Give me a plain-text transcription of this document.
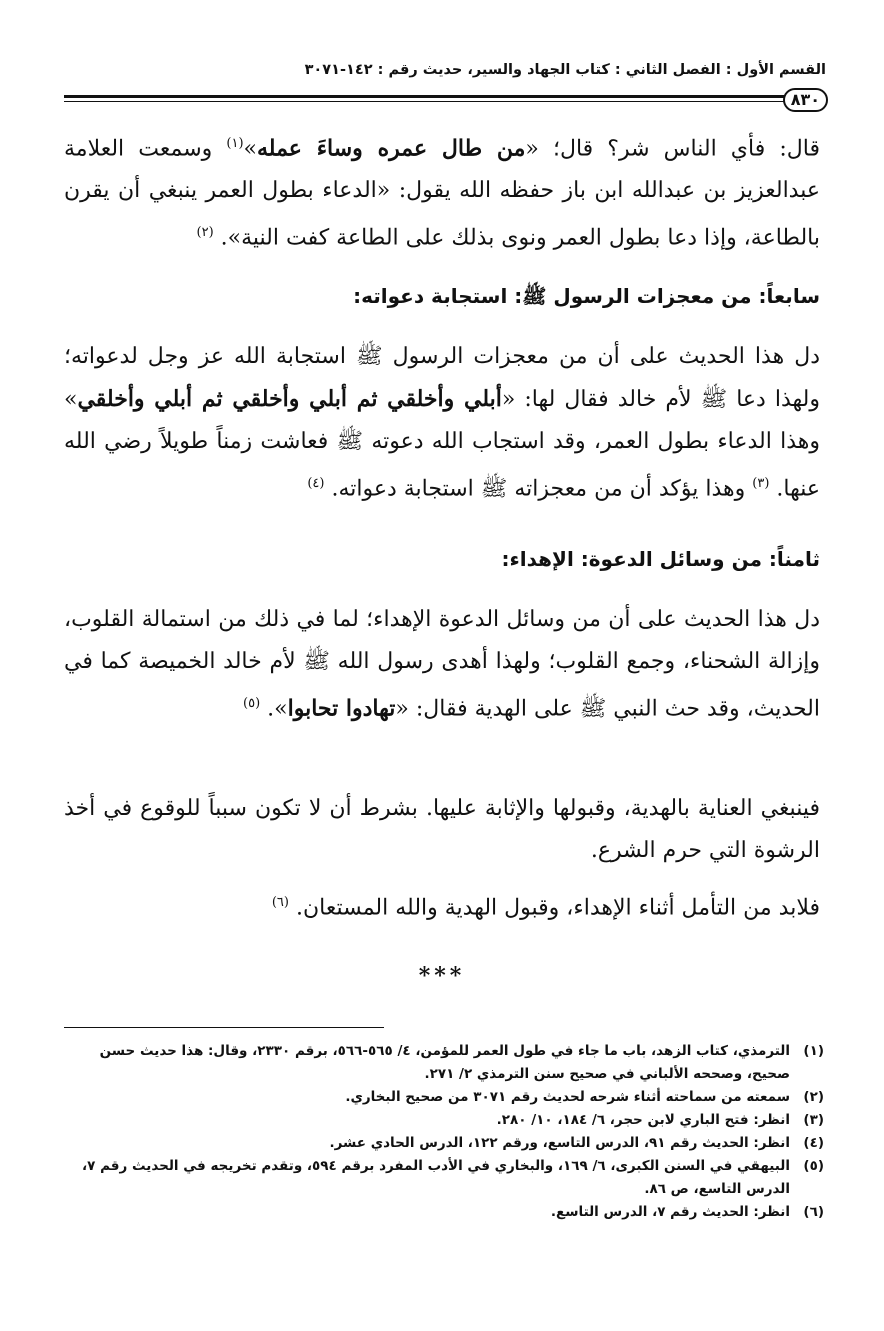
القسم الأول : الفصل الثاني : كتاب الجهاد والسير، حديث رقم : ١٤٢-٣٠٧١
٨٣٠
قال: فأي الناس شر؟ قال؛ «من طال عمره وساءَ عمله»$^{(١)}$ وسمعت العلامة عبدالعزيز بن عبدالله ابن باز حفظه الله يقول: «الدعاء بطول العمر ينبغي أن يقرن بالطاعة، وإذا دعا بطول العمر ونوى بذلك على الطاعة كفت النية». $^{(٢)}$
سابعاً: من معجزات الرسول ﷺ: استجابة دعواته:
دل هذا الحديث على أن من معجزات الرسول ﷺ استجابة الله عز وجل لدعواته؛ ولهذا دعا ﷺ لأم خالد فقال لها: «أبلي وأخلقي ثم أبلي وأخلقي ثم أبلي وأخلقي» وهذا الدعاء بطول العمر، وقد استجاب الله دعوته ﷺ فعاشت زمناً طويلاً رضي الله عنها. $^{(٣)}$ وهذا يؤكد أن من معجزاته ﷺ استجابة دعواته. $^{(٤)}$
ثامناً: من وسائل الدعوة: الإهداء:
دل هذا الحديث على أن من وسائل الدعوة الإهداء؛ لما في ذلك من استمالة القلوب، وإزالة الشحناء، وجمع القلوب؛ ولهذا أهدى رسول الله ﷺ لأم خالد الخميصة كما في الحديث، وقد حث النبي ﷺ على الهدية فقال: «تهادوا تحابوا». $^{(٥)}$
فينبغي العناية بالهدية، وقبولها والإثابة عليها. بشرط أن لا تكون سبباً للوقوع في أخذ الرشوة التي حرم الشرع.
فلابد من التأمل أثناء الإهداء، وقبول الهدية والله المستعان. $^{(٦)}$
***

(١)الترمذي، كتاب الزهد، باب ما جاء في طول العمر للمؤمن، ٤/ ٥٦٥-٥٦٦، برقم ٢٣٣٠، وقال: هذا حديث حسن صحيح، وصححه الألباني في صحيح سنن الترمذي ٢/ ٢٧١.

(٢)سمعته من سماحته أثناء شرحه لحديث رقم ٣٠٧١ من صحيح البخاري.

(٣)انظر: فتح الباري لابن حجر، ٦/ ١٨٤، ١٠/ ٢٨٠.

(٤)انظر: الحديث رقم ٩١، الدرس التاسع، ورقم ١٢٢، الدرس الحادي عشر.

(٥)البيهقي في السنن الكبرى، ٦/ ١٦٩، والبخاري في الأدب المفرد برقم ٥٩٤، وتقدم تخريجه في الحديث رقم ٧، الدرس التاسع، ص ٨٦.

(٦)انظر: الحديث رقم ٧، الدرس التاسع.
